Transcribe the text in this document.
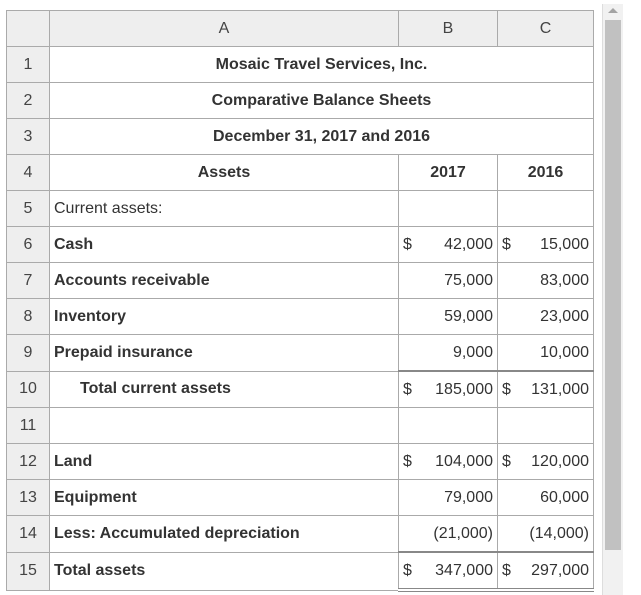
	A	B	C
1	Mosaic Travel Services, Inc.		
2	Comparative Balance Sheets		
3	December 31, 2017 and 2016		
4	Assets	2017	2016
5	Current assets:		
6	Cash	$ 42,000	$ 15,000

7	Accounts receivable	75,000	83,000
8	Inventory	59,000	23,000
9	Prepaid insurance	9,000	10,000
10	Total current assets	$ 185,000	$ 131,000

11			
12	Land	$ 104,000	$ 120,000

13	Equipment	79,000	60,000
14	Less: Accumulated depreciation	(21,000)	(14,000)
15	Total assets	$ 347,000	$ 297,000
